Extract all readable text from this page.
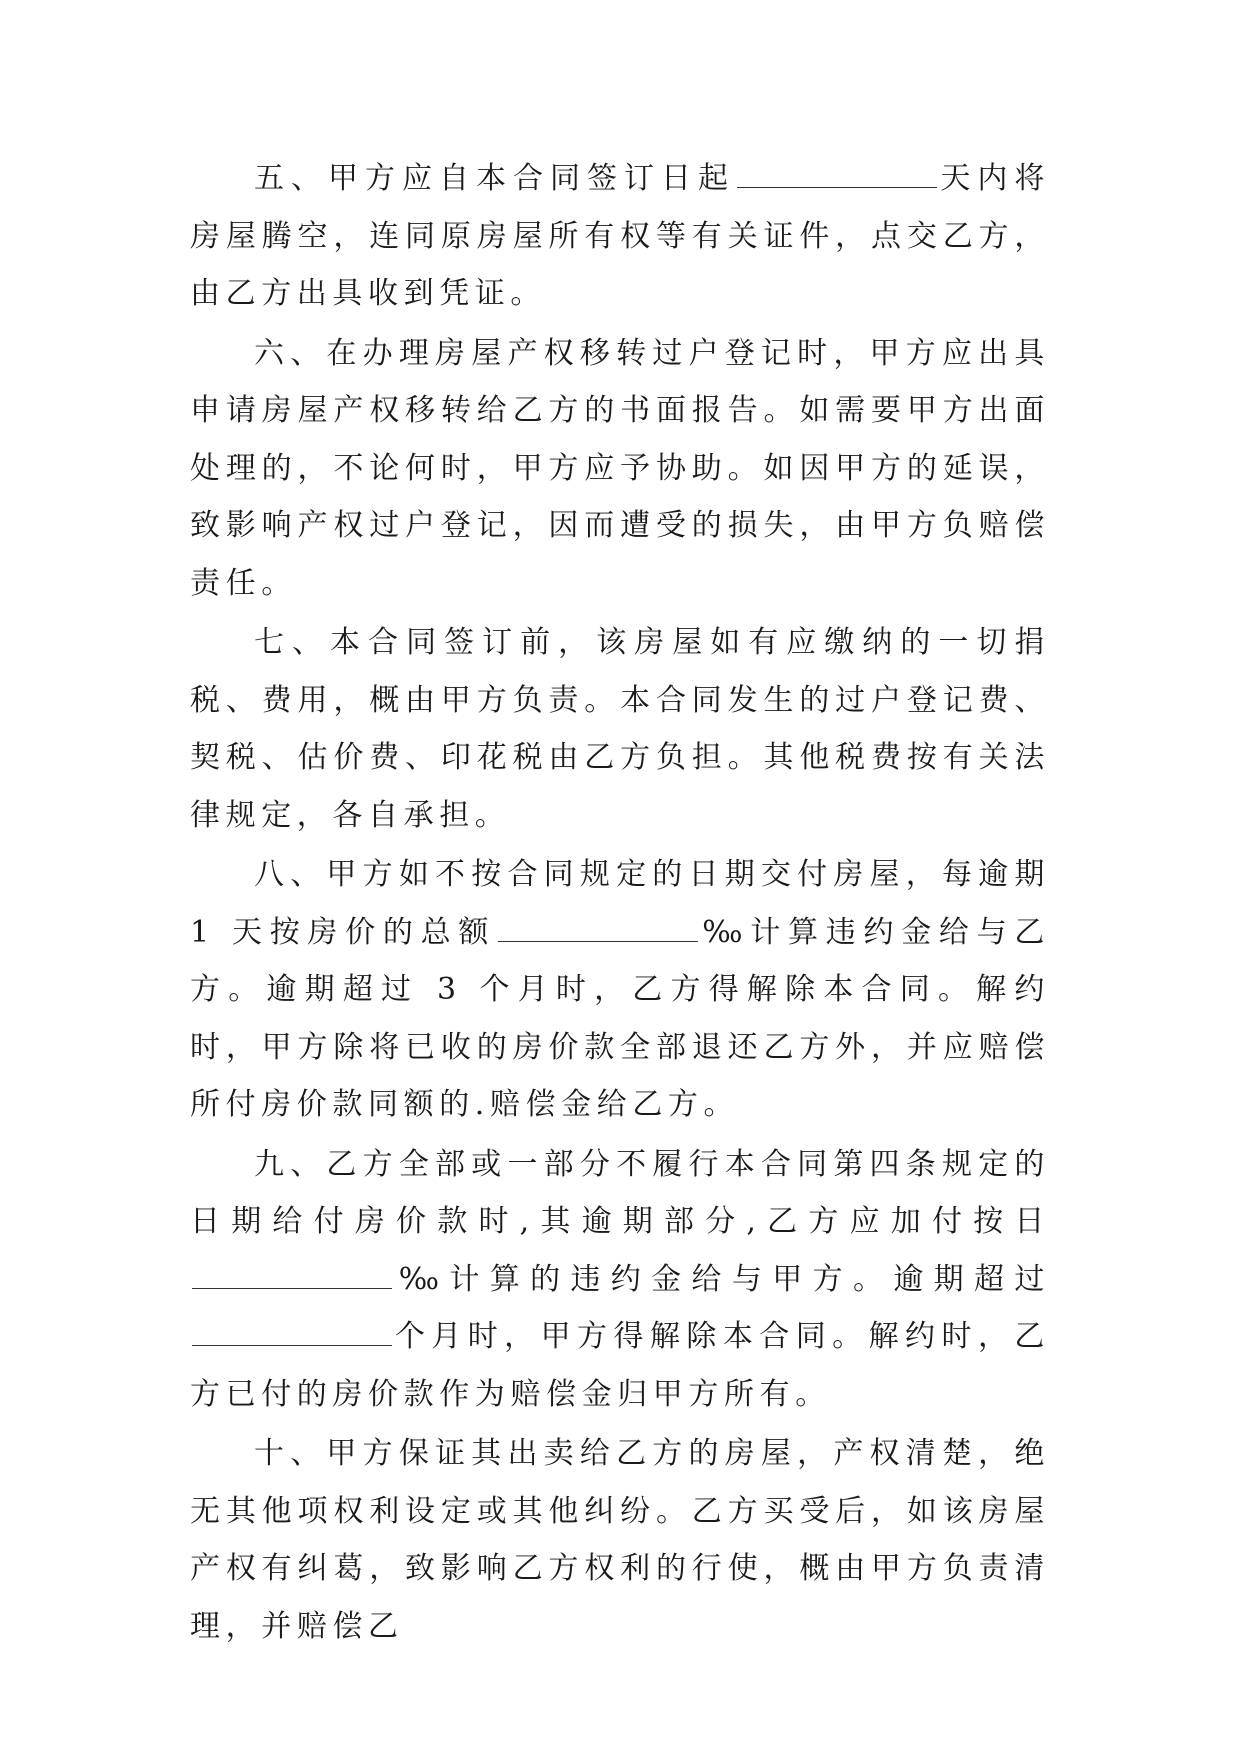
五、甲方应自本合同签订日起	天内将房屋腾空，连同原房屋所有权等有关证件，点交乙方，由乙方出具收到凭证。

六、在办理房屋产权移转过户登记时，甲方应出具申请房屋产权移转给乙方的书面报告。如需要甲方出面处理的，不论何时，甲方应予协助。如因甲方的延误，致影响产权过户登记，因而遭受的损失，由甲方负赔偿责任。

七、本合同签订前，该房屋如有应缴纳的一切捐税、费用，概由甲方负责。本合同发生的过户登记费、契税、估价费、印花税由乙方负担。其他税费按有关法律规定，各自承担。

八、甲方如不按合同规定的日期交付房屋，每逾期 1 天按房价的总额	‰计算违约金给与乙方。逾期超过 3 个月时，乙方得解除本合同。解约时，甲方除将已收的房价款全部退还乙方外，并应赔偿所付房价款同额的.赔偿金给乙方。

九、乙方全部或一部分不履行本合同第四条规定的日期给付房价款时,其逾期部分,乙方应加付按日‰计算的违约金给与甲方。逾期超过个月时，甲方得解除本合同。解约时，乙方已付的房价款作为赔偿金归甲方所有。

十、甲方保证其出卖给乙方的房屋，产权清楚，绝无其他项权利设定或其他纠纷。乙方买受后，如该房屋产权有纠葛，致影响乙方权利的行使，概由甲方负责清理，并赔偿乙
